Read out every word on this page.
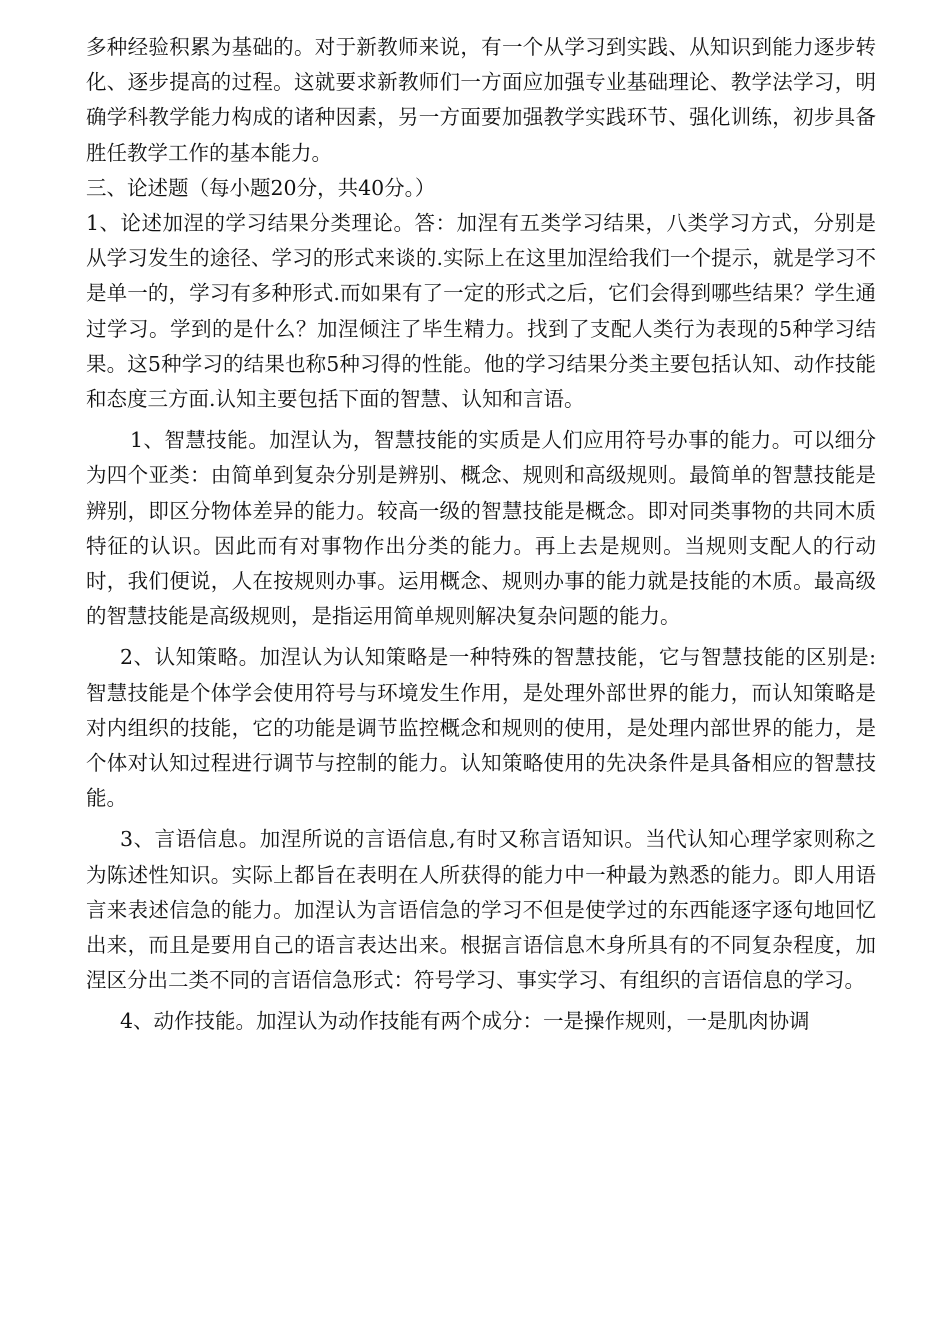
多种经验积累为基础的。对于新教师来说，有一个从学习到实践、从知识到能力逐步转化、逐步提高的过程。这就要求新教师们一方面应加强专业基础理论、教学法学习，明确学科教学能力构成的诸种因素，另一方面要加强教学实践环节、强化训练，初步具备胜任教学工作的基本能力。

三、论述题（每小题20分，共40分。）

1、论述加涅的学习结果分类理论。答：加涅有五类学习结果，八类学习方式，分别是从学习发生的途径、学习的形式来谈的.实际上在这里加涅给我们一个提示，就是学习不是单一的，学习有多种形式.而如果有了一定的形式之后，它们会得到哪些结果？学生通过学习。学到的是什么？加涅倾注了毕生精力。找到了支配人类行为表现的5种学习结果。这5种学习的结果也称5种习得的性能。他的学习结果分类主要包括认知、动作技能和态度三方面.认知主要包括下面的智慧、认知和言语。

1、智慧技能。加涅认为，智慧技能的实质是人们应用符号办事的能力。可以细分为四个亚类：由简单到复杂分别是辨别、概念、规则和高级规则。最简单的智慧技能是辨别，即区分物体差异的能力。较高一级的智慧技能是概念。即对同类事物的共同木质特征的认识。因此而有对事物作出分类的能力。再上去是规则。当规则支配人的行动时，我们便说，人在按规则办事。运用概念、规则办事的能力就是技能的木质。最高级的智慧技能是高级规则，是指运用简单规则解决复杂问题的能力。

2、认知策略。加涅认为认知策略是一种特殊的智慧技能，它与智慧技能的区别是:智慧技能是个体学会使用符号与环境发生作用，是处理外部世界的能力，而认知策略是对内组织的技能，它的功能是调节监控概念和规则的使用，是处理内部世界的能力，是个体对认知过程进行调节与控制的能力。认知策略使用的先决条件是具备相应的智慧技能。

3、言语信息。加涅所说的言语信息,有时又称言语知识。当代认知心理学家则称之为陈述性知识。实际上都旨在表明在人所获得的能力中一种最为熟悉的能力。即人用语言来表述信急的能力。加涅认为言语信急的学习不但是使学过的东西能逐字逐句地回忆出来，而且是要用自己的语言表达出来。根据言语信息木身所具有的不同复杂程度，加涅区分出二类不同的言语信急形式：符号学习、事实学习、有组织的言语信息的学习。

4、动作技能。加涅认为动作技能有两个成分：一是操作规则，一是肌肉协调
